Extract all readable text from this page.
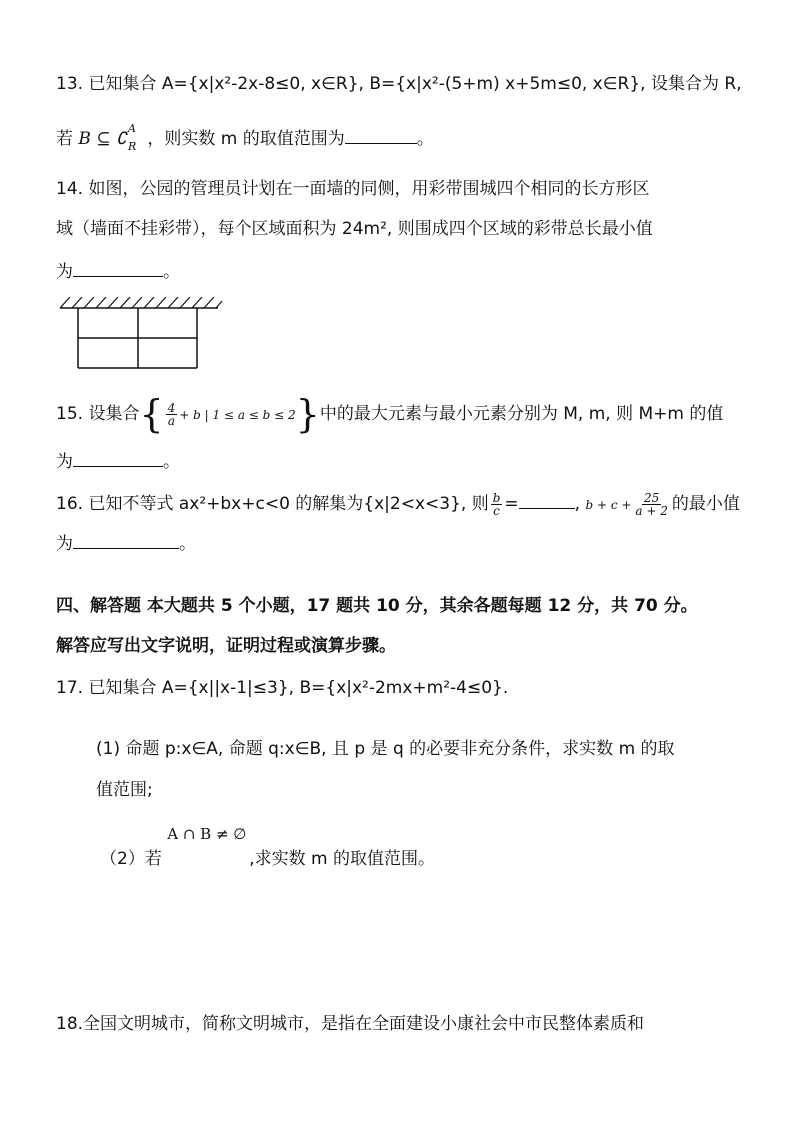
13. 已知集合 A={x|x²-2x-8≤0, x∈R}, B={x|x²-(5+m) x+5m≤0, x∈R}, 设集合为 R,
若 B ⊆ ∁
A
R ，则实数 m 的取值范围为	。
14. 如图，公园的管理员计划在一面墙的同侧，用彩带围城四个相同的长方形区
域（墙面不挂彩带），每个区域面积为 24m², 则围成四个区域的彩带总长最小值
为	。
15. 设集合{ $\frac{4}{a} + b$ | 1 ≤ a ≤ b ≤ 2}中的最大元素与最小元素分别为 M, m, 则 M+m 的值
为	。
16. 已知不等式 ax²+bx+c<0 的解集为{x|2<x<3}, 则 $\frac{b}{c}$ =	, $b + c + \frac{25}{a + 2}$ 的最小值
为	。
四、解答题 本大题共 5 个小题，17 题共 10 分，其余各题每题 12 分，共 70 分。
解答应写出文字说明，证明过程或演算步骤。
17. 已知集合 A={x||x-1|≤3}, B={x|x²-2mx+m²-4≤0}.
(1) 命题 p:x∈A, 命题 q:x∈B, 且 p 是 q 的必要非充分条件，求实数 m 的取
值范围;
（2）若
A ∩ B ≠ ∅
,求实数 m 的取值范围。
18.全国文明城市，简称文明城市，是指在全面建设小康社会中市民整体素质和
